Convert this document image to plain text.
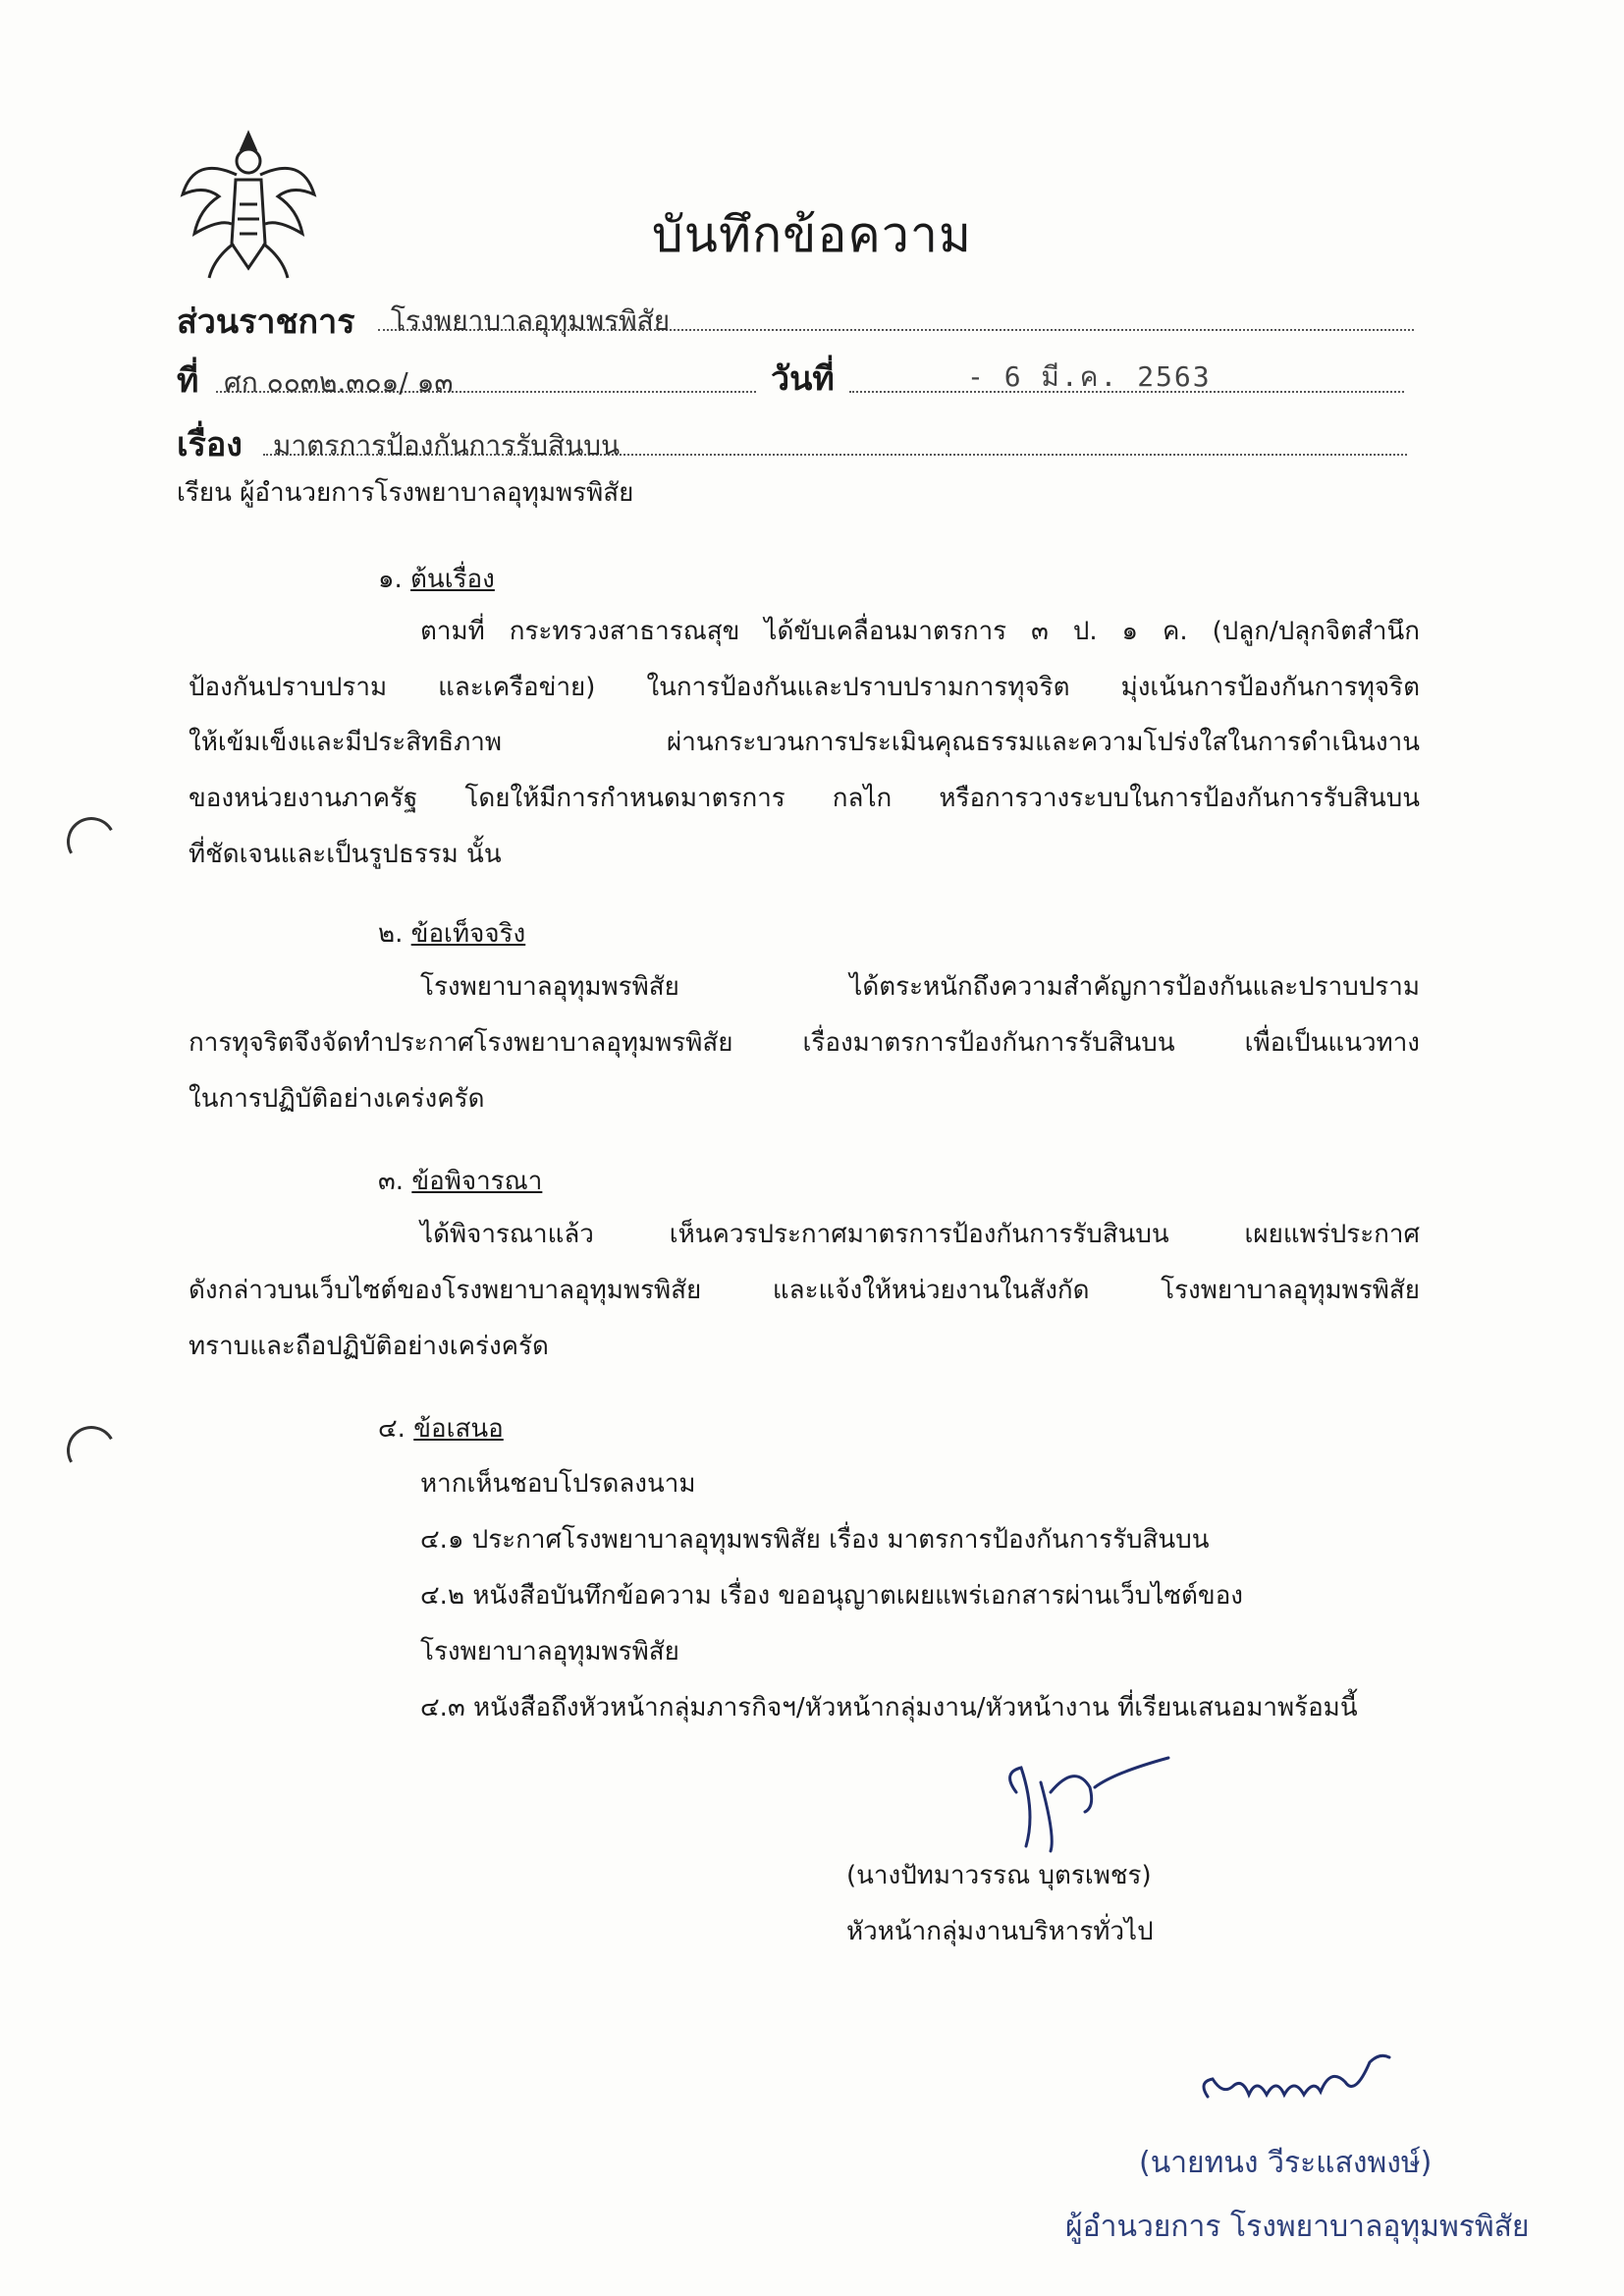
บันทึกข้อความ
ส่วนราชการ โรงพยาบาลอุทุมพรพิสัย
ที่ ศก ๐๐๓๒.๓๐๑/ ๑๓	วันที่	- 6 มี.ค. 2563
เรื่อง มาตรการป้องกันการรับสินบน
เรียน ผู้อำนวยการโรงพยาบาลอุทุมพรพิสัย
๑. ต้นเรื่อง
ตามที่ กระทรวงสาธารณสุข ได้ขับเคลื่อนมาตรการ ๓ ป. ๑ ค. (ปลูก/ปลุกจิตสำนึก
ป้องกันปราบปราม และเครือข่าย) ในการป้องกันและปราบปรามการทุจริต มุ่งเน้นการป้องกันการทุจริต
ให้เข้มเข็งและมีประสิทธิภาพ ผ่านกระบวนการประเมินคุณธรรมและความโปร่งใสในการดำเนินงาน
ของหน่วยงานภาครัฐ โดยให้มีการกำหนดมาตรการ กลไก หรือการวางระบบในการป้องกันการรับสินบน
ที่ชัดเจนและเป็นรูปธรรม นั้น
๒. ข้อเท็จจริง
โรงพยาบาลอุทุมพรพิสัย ได้ตระหนักถึงความสำคัญการป้องกันและปราบปราม
การทุจริตจึงจัดทำประกาศโรงพยาบาลอุทุมพรพิสัย เรื่องมาตรการป้องกันการรับสินบน เพื่อเป็นแนวทาง
ในการปฏิบัติอย่างเคร่งครัด
๓. ข้อพิจารณา
ได้พิจารณาแล้ว เห็นควรประกาศมาตรการป้องกันการรับสินบน เผยแพร่ประกาศ
ดังกล่าวบนเว็บไซต์ของโรงพยาบาลอุทุมพรพิสัย และแจ้งให้หน่วยงานในสังกัด โรงพยาบาลอุทุมพรพิสัย
ทราบและถือปฏิบัติอย่างเคร่งครัด
๔. ข้อเสนอ
หากเห็นชอบโปรดลงนาม
๔.๑ ประกาศโรงพยาบาลอุทุมพรพิสัย เรื่อง มาตรการป้องกันการรับสินบน
๔.๒ หนังสือบันทึกข้อความ เรื่อง ขออนุญาตเผยแพร่เอกสารผ่านเว็บไซต์ของ
โรงพยาบาลอุทุมพรพิสัย
๔.๓ หนังสือถึงหัวหน้ากลุ่มภารกิจฯ/หัวหน้ากลุ่มงาน/หัวหน้างาน ที่เรียนเสนอมาพร้อมนี้
(นางปัทมาวรรณ บุตรเพชร)
หัวหน้ากลุ่มงานบริหารทั่วไป
(นายทนง วีระแสงพงษ์)
ผู้อำนวยการ โรงพยาบาลอุทุมพรพิสัย
